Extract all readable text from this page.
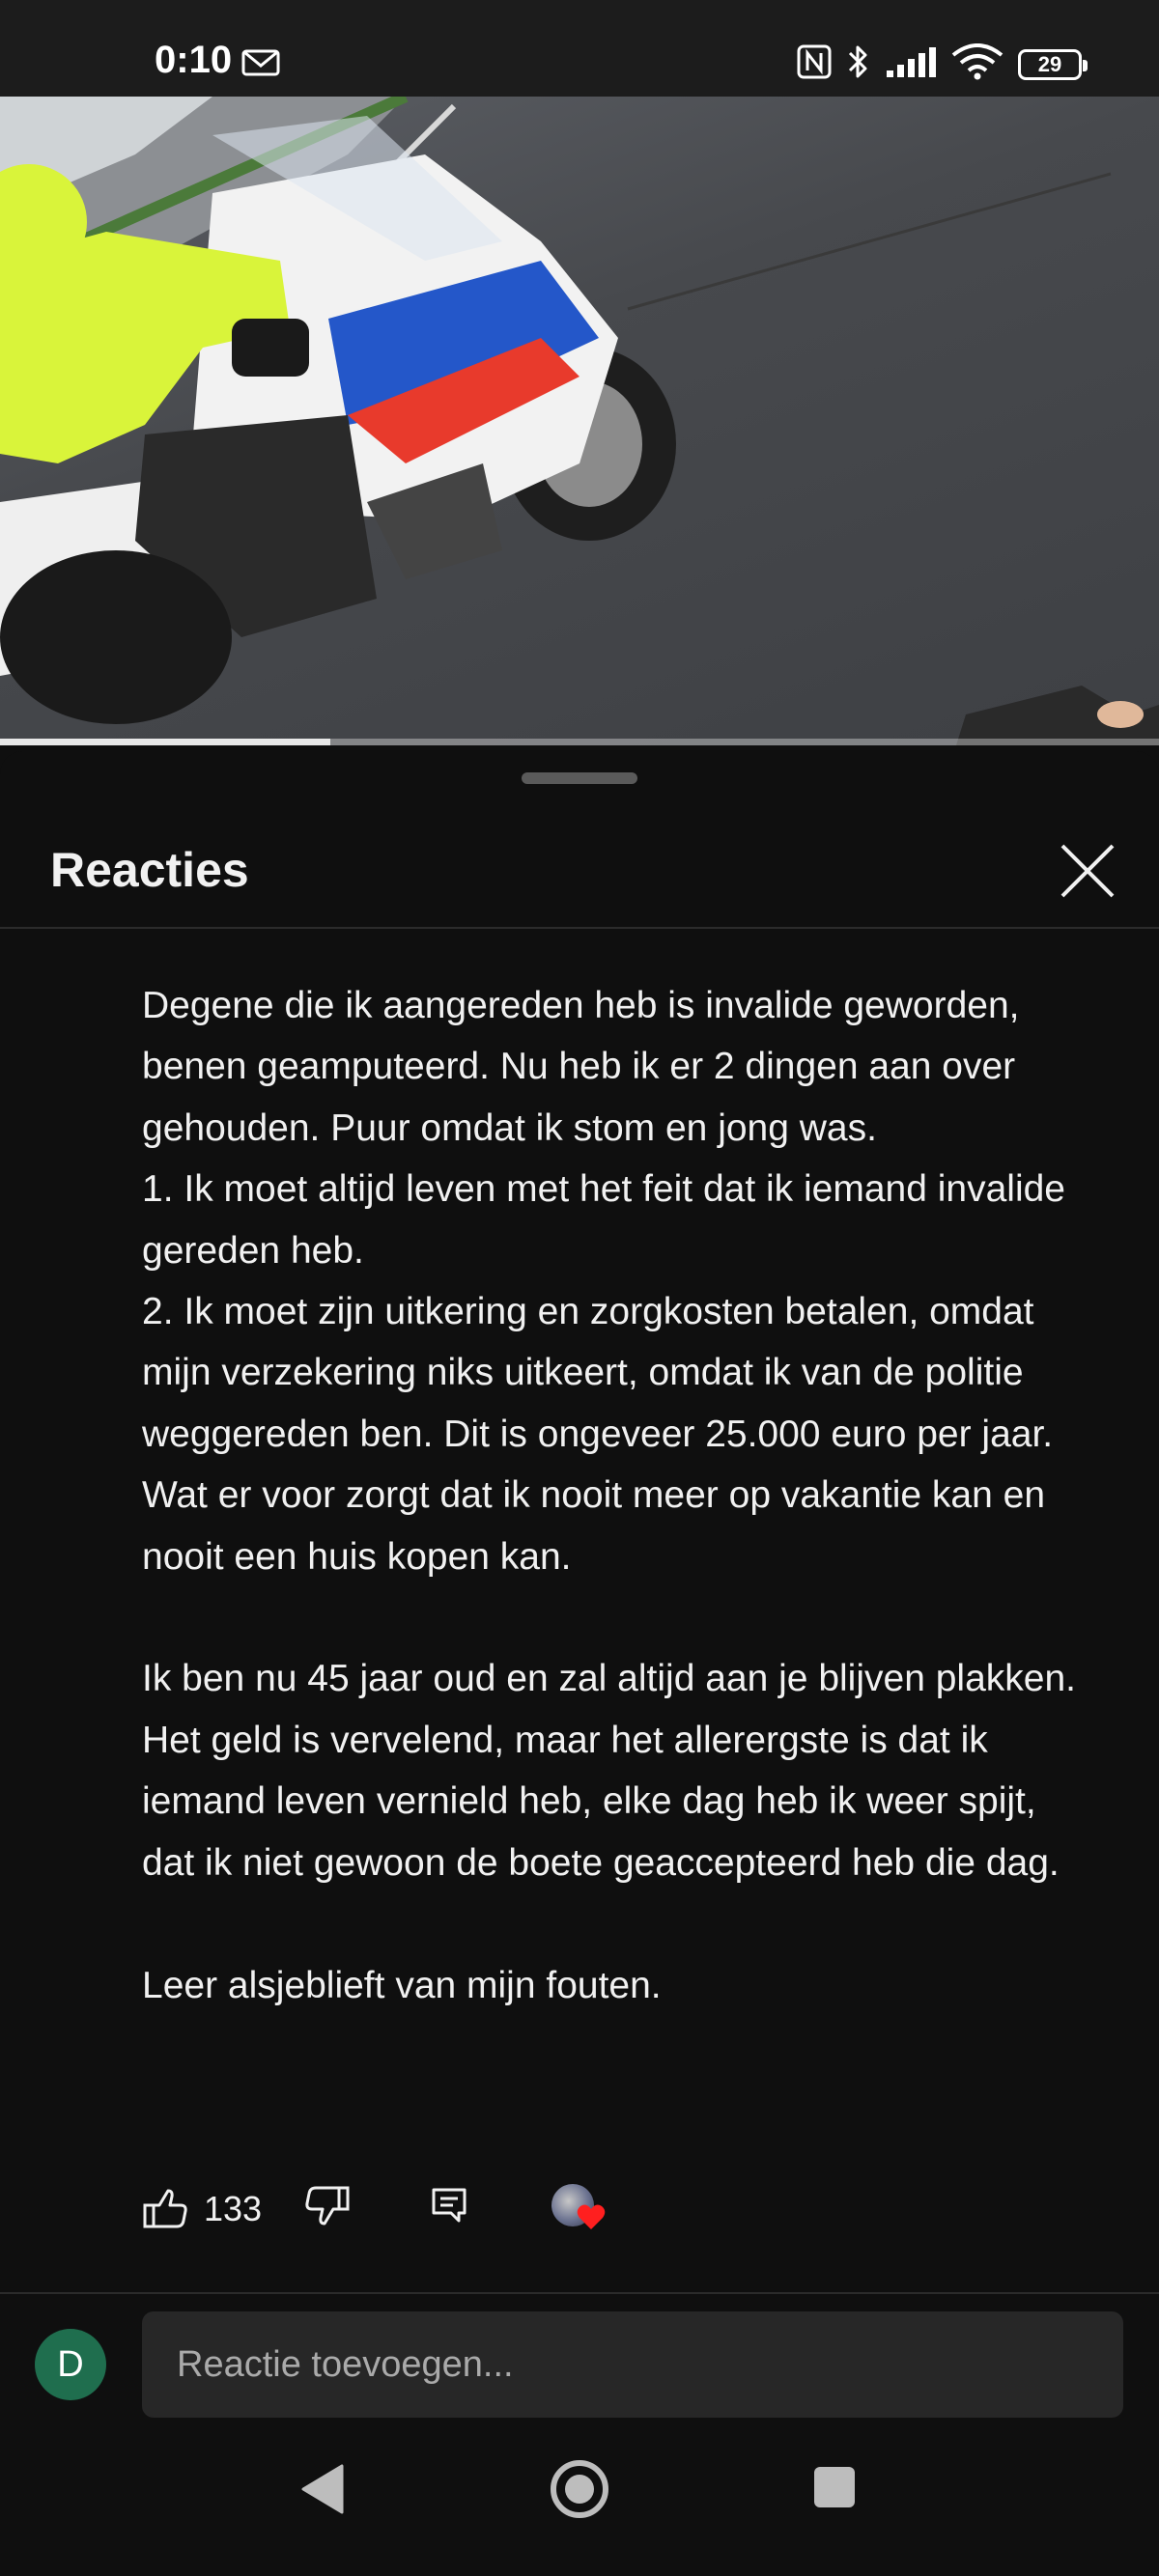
0:10	29
Reacties
Degene die ik aangereden heb is invalide geworden, benen geamputeerd. Nu heb ik er 2 dingen aan over gehouden. Puur omdat ik stom en jong was.
1. Ik moet altijd leven met het feit dat ik iemand invalide gereden heb.
2. Ik moet zijn uitkering en zorgkosten betalen, omdat mijn verzekering niks uitkeert, omdat ik van de politie weggereden ben. Dit is ongeveer 25.000 euro per jaar. Wat er voor zorgt dat ik nooit meer op vakantie kan en nooit een huis kopen kan.

Ik ben nu 45 jaar oud en zal altijd aan je blijven plakken. Het geld is vervelend, maar het allerergste is dat ik iemand leven vernield heb, elke dag heb ik weer spijt, dat ik niet gewoon de boete geaccepteerd heb die dag.

Leer alsjeblieft van mijn fouten.
133
D
Reactie toevoegen...
